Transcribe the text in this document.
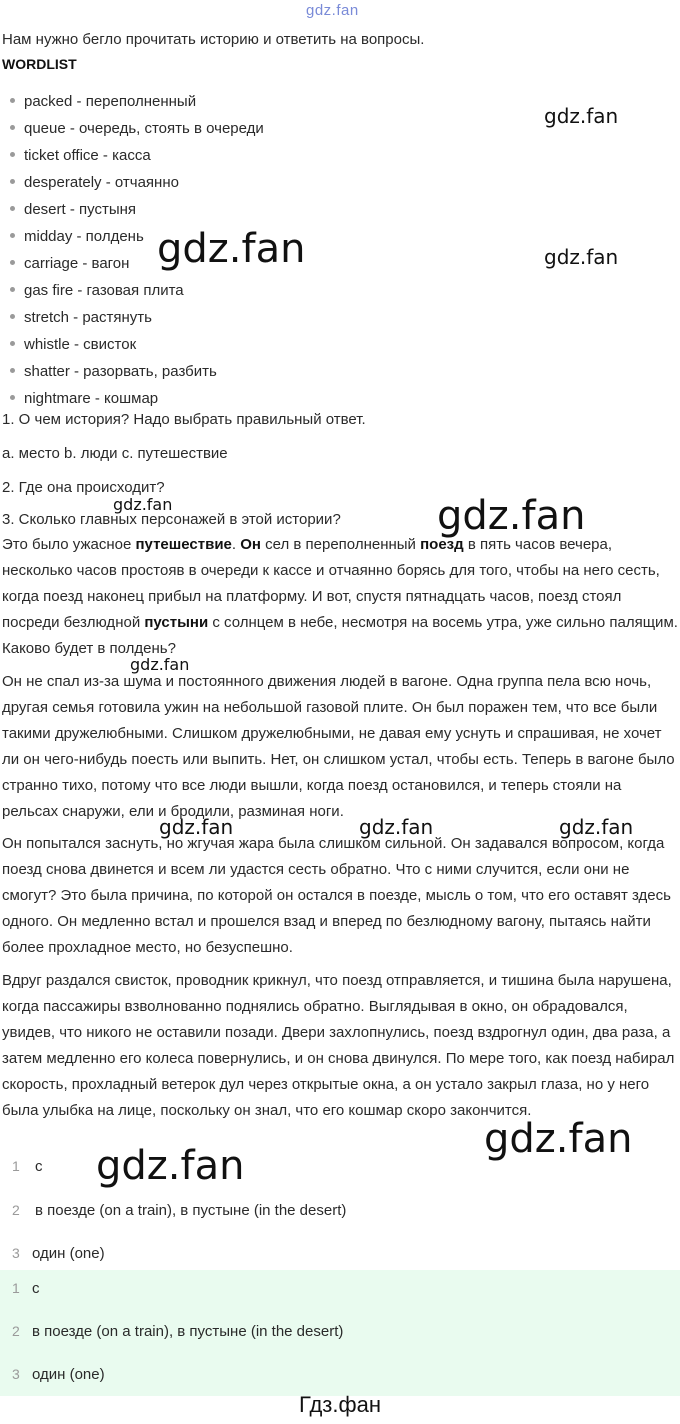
gdz.fan
Нам нужно бегло прочитать историю и ответить на вопросы.
WORDLIST
packed - переполненный
queue - очередь, стоять в очереди
ticket office - касса
desperately - отчаянно
desert - пустыня
midday - полдень
carriage - вагон
gas fire - газовая плита
stretch - растянуть
whistle - свисток
shatter - разорвать, разбить
nightmare - кошмар
1. О чем история? Надо выбрать правильный ответ.
a. место b. люди c. путешествие
2. Где она происходит?
3. Сколько главных персонажей в этой истории?

Это было ужасное путешествие. Он сел в переполненный поезд в пять часов вечера, несколько часов простояв в очереди к кассе и отчаянно борясь для того, чтобы на него сесть, когда поезд наконец прибыл на платформу. И вот, спустя пятнадцать часов, поезд стоял посреди безлюдной пустыни с солнцем в небе, несмотря на восемь утра, уже сильно палящим. Каково будет в полдень?

Он не спал из-за шума и постоянного движения людей в вагоне. Одна группа пела всю ночь, другая семья готовила ужин на небольшой газовой плите. Он был поражен тем, что все были такими дружелюбными. Слишком дружелюбными, не давая ему уснуть и спрашивая, не хочет ли он чего-нибудь поесть или выпить. Нет, он слишком устал, чтобы есть. Теперь в вагоне было странно тихо, потому что все люди вышли, когда поезд остановился, и теперь стояли на рельсах снаружи, ели и бродили, разминая ноги.

Он попытался заснуть, но жгучая жара была слишком сильной. Он задавался вопросом, когда поезд снова двинется и всем ли удастся сесть обратно. Что с ними случится, если они не смогут? Это была причина, по которой он остался в поезде, мысль о том, что его оставят здесь одного. Он медленно встал и прошелся взад и вперед по безлюдному вагону, пытаясь найти более прохладное место, но безуспешно.

Вдруг раздался свисток, проводник крикнул, что поезд отправляется, и тишина была нарушена, когда пассажиры взволнованно поднялись обратно. Выглядывая в окно, он обрадовался, увидев, что никого не оставили позади. Двери захлопнулись, поезд вздрогнул один, два раза, а затем медленно его колеса повернулись, и он снова двинулся. По мере того, как поезд набирал скорость, прохладный ветерок дул через открытые окна, а он устало закрыл глаза, но у него была улыбка на лице, поскольку он знал, что его кошмар скоро закончится.

1 c
2 в поезде (on a train), в пустыне (in the desert)
3 один (one)
1 c
2 в поезде (on a train), в пустыне (in the desert)
3 один (one)
gdz.fan
gdz.fan	gdz.fan
gdz.fan	gdz.fan
gdz.fan
gdz.fan	gdz.fan	gdz.fan
gdz.fan
gdz.fan
Гдз.фан
